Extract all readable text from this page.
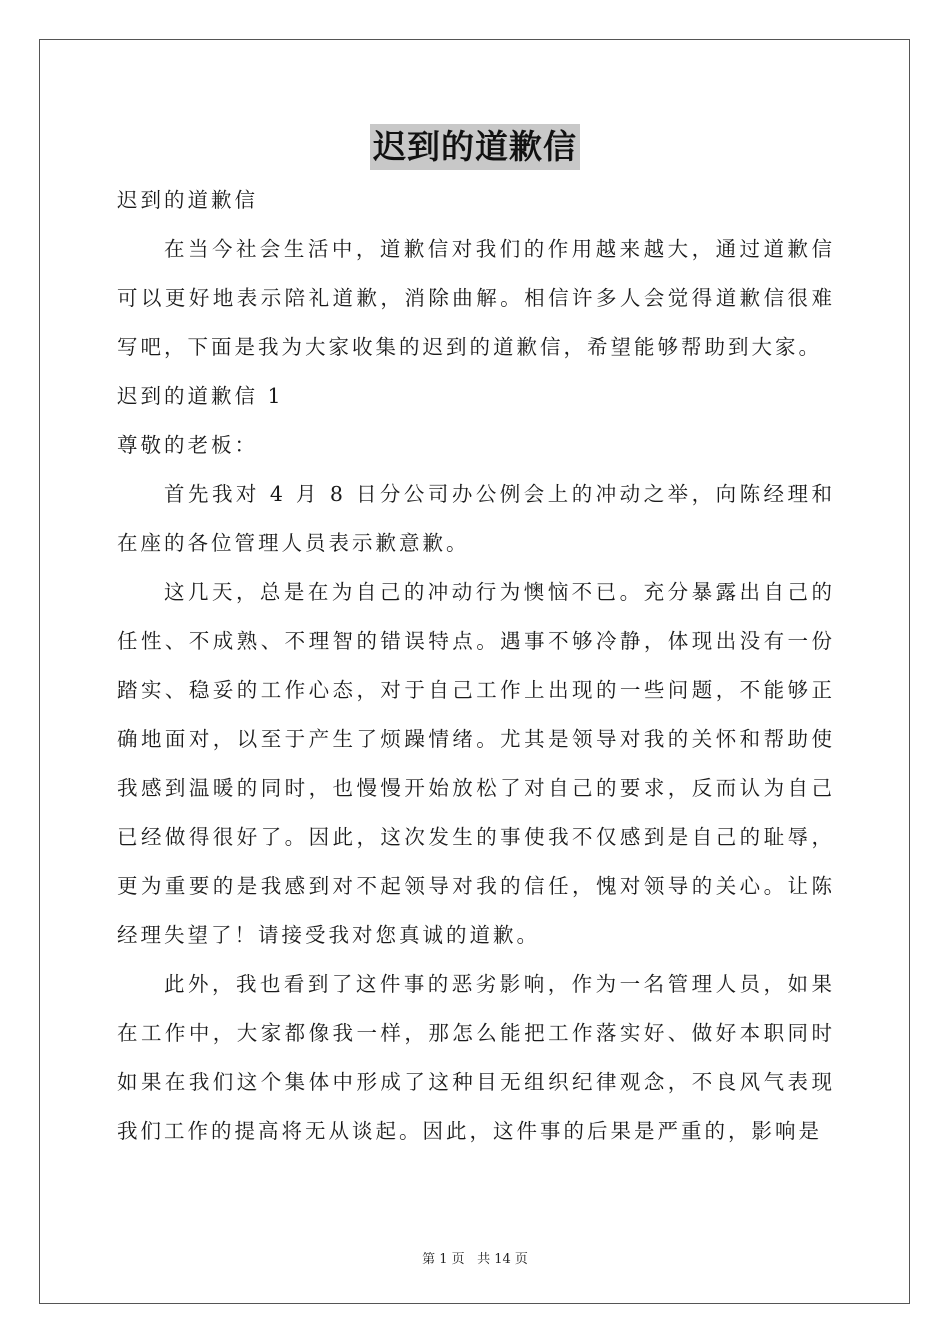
迟到的道歉信

迟到的道歉信

在当今社会生活中，道歉信对我们的作用越来越大，通过道歉信可以更好地表示陪礼道歉，消除曲解。相信许多人会觉得道歉信很难写吧，下面是我为大家收集的迟到的道歉信，希望能够帮助到大家。

迟到的道歉信 1

尊敬的老板：

首先我对 4 月 8 日分公司办公例会上的冲动之举，向陈经理和在座的各位管理人员表示歉意歉。

这几天，总是在为自己的冲动行为懊恼不已。充分暴露出自己的任性、不成熟、不理智的错误特点。遇事不够冷静，体现出没有一份踏实、稳妥的工作心态，对于自己工作上出现的一些问题，不能够正确地面对，以至于产生了烦躁情绪。尤其是领导对我的关怀和帮助使我感到温暖的同时，也慢慢开始放松了对自己的要求，反而认为自己已经做得很好了。因此，这次发生的事使我不仅感到是自己的耻辱，更为重要的是我感到对不起领导对我的信任，愧对领导的关心。让陈经理失望了！请接受我对您真诚的道歉。

此外，我也看到了这件事的恶劣影响，作为一名管理人员，如果在工作中，大家都像我一样，那怎么能把工作落实好、做好本职同时如果在我们这个集体中形成了这种目无组织纪律观念，不良风气表现我们工作的提高将无从谈起。因此，这件事的后果是严重的，影响是

第 1 页 共 14 页
